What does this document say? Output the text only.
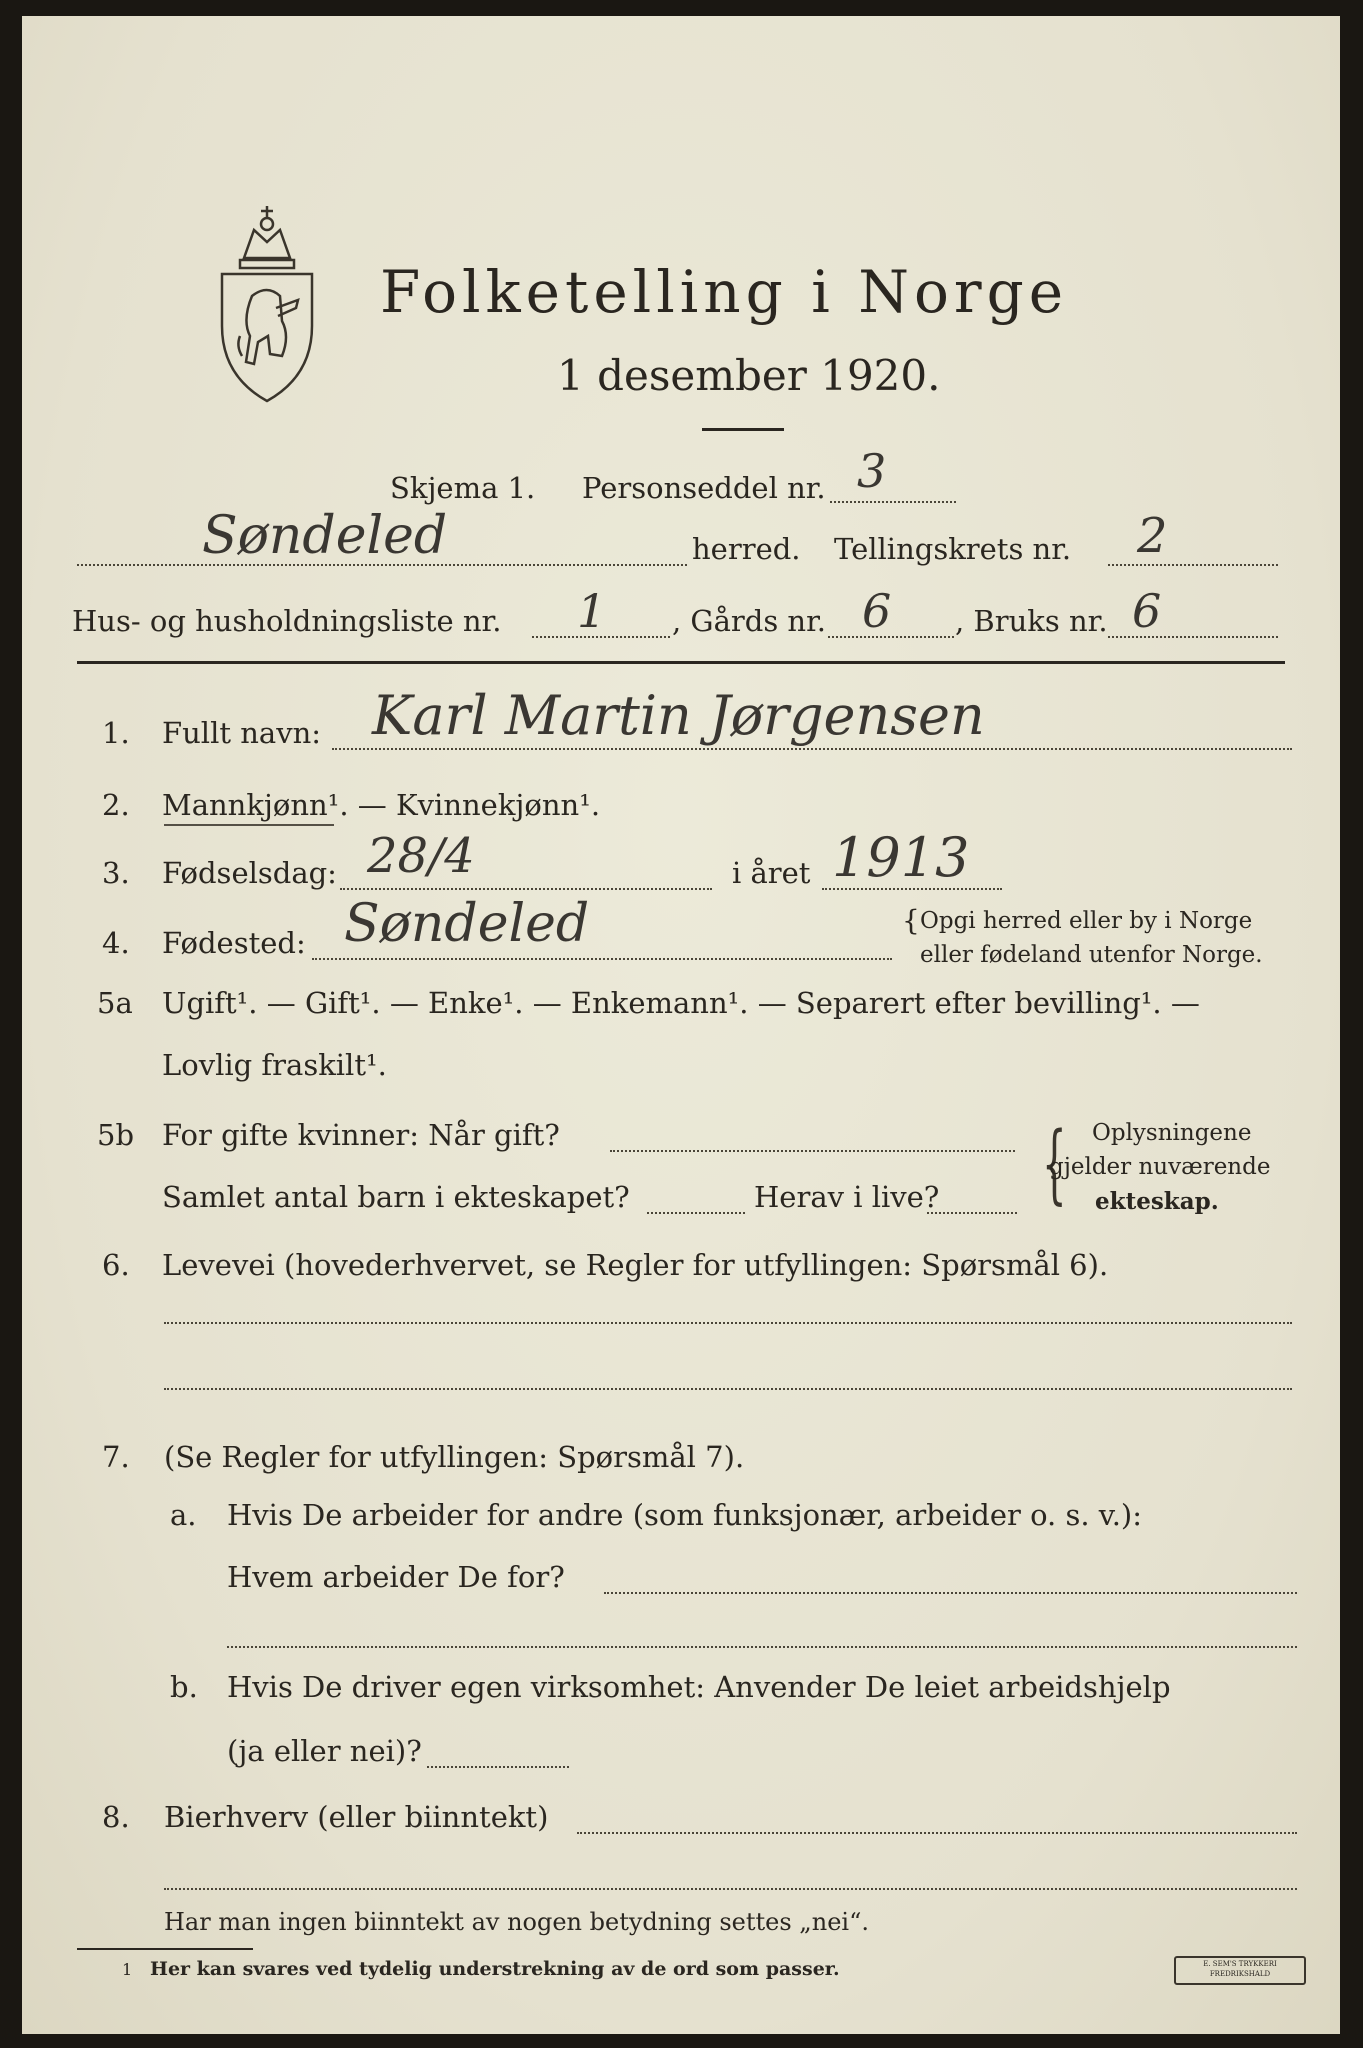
Folketelling i Norge
1 desember 1920.
Skjema 1. Personseddel nr. 3
Søndeled	herred. Tellingskrets nr. 2
Hus- og husholdningsliste nr. 1 , Gårds nr. 6 , Bruks nr. 6
1. Fullt navn: Karl Martin Jørgensen
2. Mannkjønn¹. — Kvinnekjønn¹.
3. Fødselsdag: 28/4	i året 1913
4. Fødested: Søndeled	{ Opgi herred eller by i Norge
eller fødeland utenfor Norge.
5a Ugift¹. — Gift¹. — Enke¹. — Enkemann¹. — Separert efter bevilling¹. —
Lovlig fraskilt¹.
5b For gifte kvinner: Når gift?
Samlet antal barn i ekteskapet?	Herav i live? { Oplysningene
gjelder nuværende
ekteskap.
6. Levevei (hovederhvervet, se Regler for utfyllingen: Spørsmål 6).
7. (Se Regler for utfyllingen: Spørsmål 7).
a. Hvis De arbeider for andre (som funksjonær, arbeider o. s. v.):
Hvem arbeider De for?
b. Hvis De driver egen virksomhet: Anvender De leiet arbeidshjelp
(ja eller nei)?
8. Bierhverv (eller biinntekt)
Har man ingen biinntekt av nogen betydning settes „nei“.
1 Her kan svares ved tydelig understrekning av de ord som passer.	E. SEM'S TRYKKERI FREDRIKSHALD
